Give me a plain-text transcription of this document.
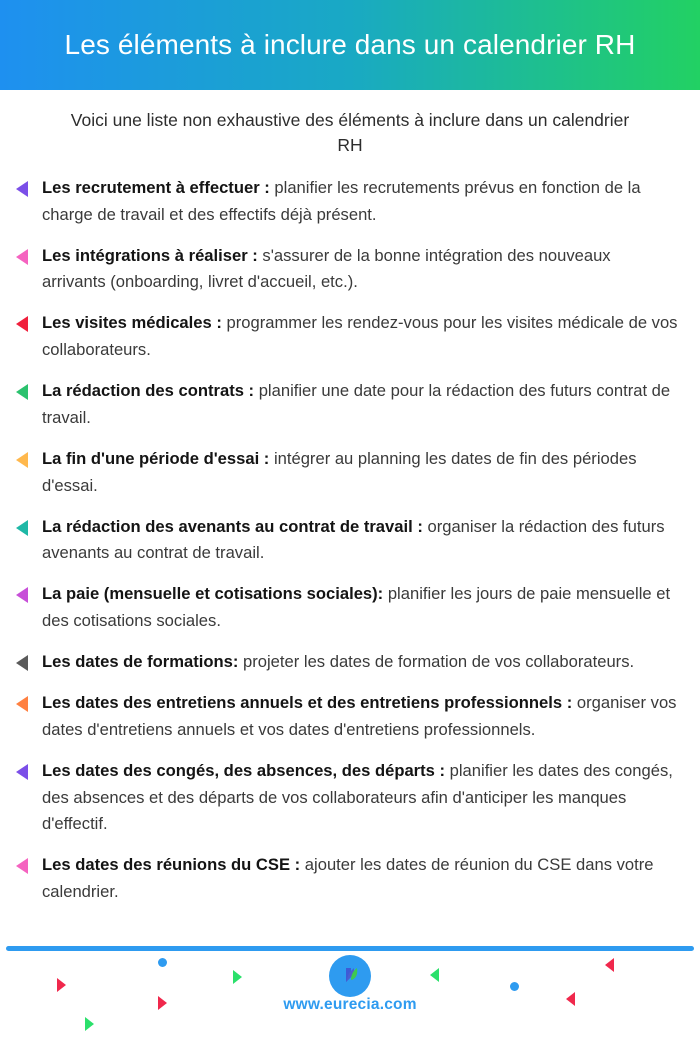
Les éléments à inclure dans un calendrier RH
Voici une liste non exhaustive des éléments à inclure dans un calendrier RH
Les recrutement à effectuer : planifier les recrutements prévus en fonction de la charge de travail et des effectifs déjà présent.
Les intégrations à réaliser : s'assurer de la bonne intégration des nouveaux arrivants (onboarding, livret d'accueil, etc.).
Les visites médicales : programmer les rendez-vous pour les visites médicale de vos collaborateurs.
La rédaction des contrats : planifier une date pour la rédaction des futurs contrat de travail.
La fin d'une période d'essai : intégrer au planning les dates de fin des périodes d'essai.
La rédaction des avenants au contrat de travail : organiser la rédaction des futurs avenants au contrat de travail.
La paie (mensuelle et cotisations sociales): planifier les jours de paie mensuelle et des cotisations sociales.
Les dates de formations: projeter les dates de formation de vos collaborateurs.
Les dates des entretiens annuels et des entretiens professionnels : organiser vos dates d'entretiens annuels et vos dates d'entretiens professionnels.
Les dates des congés, des absences, des départs : planifier les dates des congés, des absences et des départs de vos collaborateurs afin d'anticiper les manques d'effectif.
Les dates des réunions du CSE : ajouter les dates de réunion du CSE dans votre calendrier.
www.eurecia.com
